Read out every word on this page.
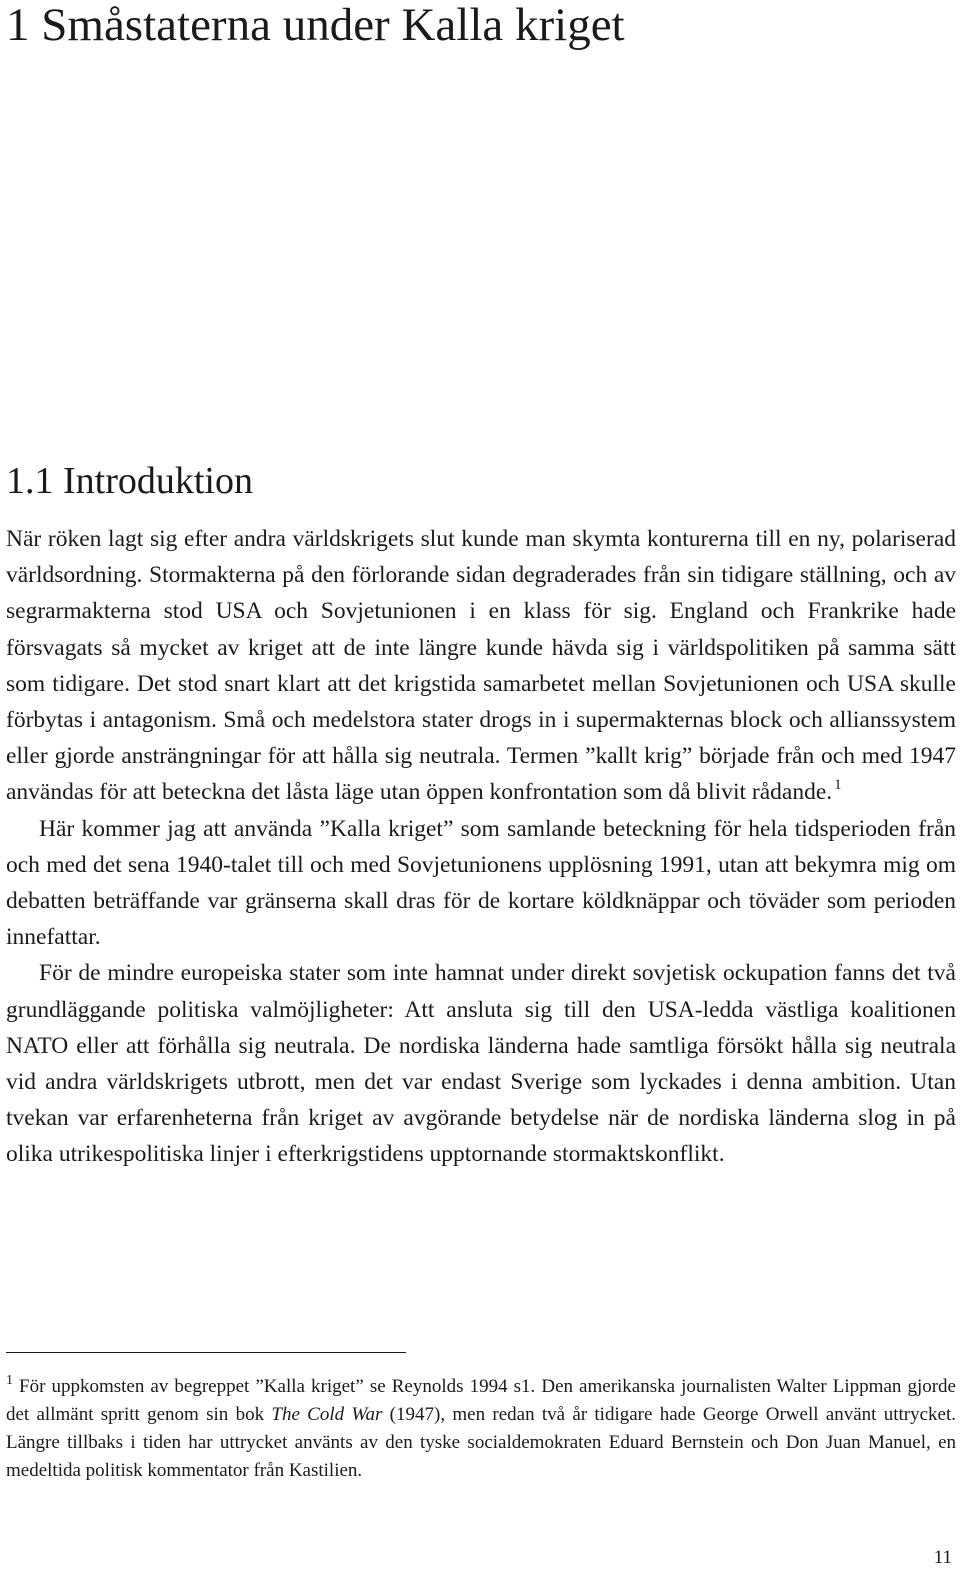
1 Småstaterna under Kalla kriget
1.1 Introduktion

När röken lagt sig efter andra världskrigets slut kunde man skymta konturerna till en ny, polariserad världsordning. Stormakterna på den förlorande sidan degraderades från sin tidigare ställning, och av segrarmakterna stod USA och Sovjetunionen i en klass för sig. England och Frankrike hade försvagats så mycket av kriget att de inte längre kunde hävda sig i världspolitiken på samma sätt som tidigare. Det stod snart klart att det krigstida samarbetet mellan Sovjetunionen och USA skulle förbytas i antagonism. Små och medelstora stater drogs in i supermakternas block och allianssystem eller gjorde ansträngningar för att hålla sig neutrala. Termen ”kallt krig” började från och med 1947 användas för att beteckna det låsta läge utan öppen konfrontation som då blivit rådande. $^1$

Här kommer jag att använda ”Kalla kriget” som samlande beteckning för hela tidsperioden från och med det sena 1940-talet till och med Sovjetunionens upplösning 1991, utan att bekymra mig om debatten beträffande var gränserna skall dras för de kortare köldknäppar och töväder som perioden innefattar.

För de mindre europeiska stater som inte hamnat under direkt sovjetisk ockupation fanns det två grundläggande politiska valmöjligheter: Att ansluta sig till den USA-ledda västliga koalitionen NATO eller att förhålla sig neutrala. De nordiska länderna hade samtliga försökt hålla sig neutrala vid andra världskrigets utbrott, men det var endast Sverige som lyckades i denna ambition. Utan tvekan var erfarenheterna från kriget av avgörande betydelse när de nordiska länderna slog in på olika utrikespolitiska linjer i efterkrigstidens upptornande stormaktskonflikt.

$^1$ För uppkomsten av begreppet ”Kalla kriget” se Reynolds 1994 s1. Den amerikanska journalisten Walter Lippman gjorde det allmänt spritt genom sin bok The Cold War (1947), men redan två år tidigare hade George Orwell använt uttrycket. Längre tillbaks i tiden har uttrycket använts av den tyske socialdemokraten Eduard Bernstein och Don Juan Manuel, en medeltida politisk kommentator från Kastilien.

11
